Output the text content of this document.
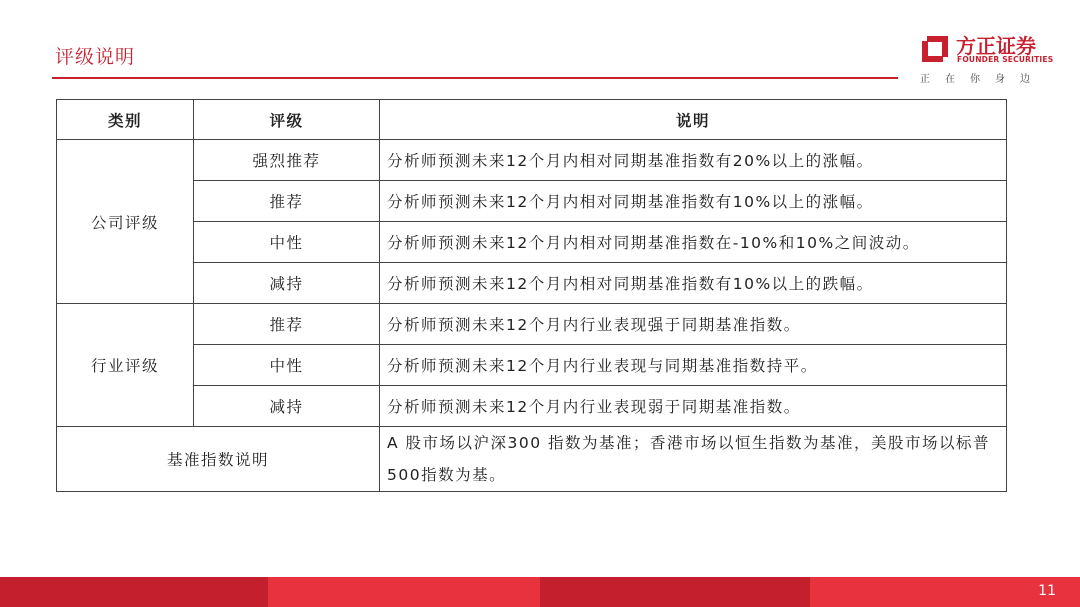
评级说明	方正证券
FOUNDER SECURITIES
正在你身边
类别	评级	说明
公司评级	强烈推荐	分析师预测未来12个月内相对同期基准指数有20%以上的涨幅。
	推荐	分析师预测未来12个月内相对同期基准指数有10%以上的涨幅。
	中性	分析师预测未来12个月内相对同期基准指数在-10%和10%之间波动。
	减持	分析师预测未来12个月内相对同期基准指数有10%以上的跌幅。
行业评级	推荐	分析师预测未来12个月内行业表现强于同期基准指数。
	中性	分析师预测未来12个月内行业表现与同期基准指数持平。
	减持	分析师预测未来12个月内行业表现弱于同期基准指数。
基准指数说明		A 股市场以沪深300 指数为基准；香港市场以恒生指数为基准，美股市场以标普500指数为基。
11
